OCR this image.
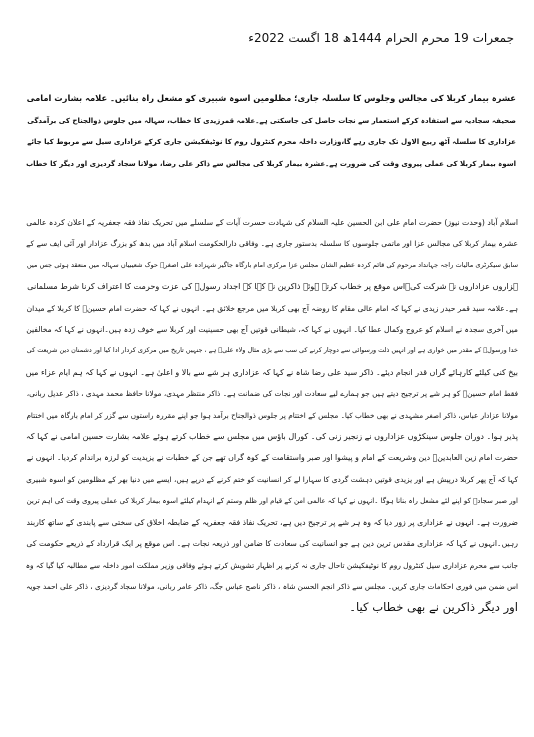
جمعرات 19 محرم الحرام 1444ھ 18 اگست 2022ء
عشرہ بیمار کربلا کی مجالس وجلوس کا سلسلہ جاری؛ مظلومین اسوہ شبیری کو مشعل راہ بنائیں۔ علامہ بشارت امامی
صحیفہ سجادیہ سے استفادہ کرکے استعمار سے نجات حاصل کی جاسکتی ہے۔علامہ قمرزیدی کا خطاب، سہالہ میں جلوس ذوالجناح کی برآمدگی
عزاداری کا سلسلہ آٹھ ربیع الاول تک جاری رہے گا،وزارت داخلہ محرم کنٹرول روم کا نوٹیفکیشن جاری کرکے عزاداری سیل سے مربوط کیا جائے
اسوہ بیمار کربلا کی عملی پیروی وقت کی ضرورت ہے۔عشرہ بیمار کربلا کی مجالس سے ذاکر علی رضا، مولانا سجاد گردیزی اور دیگر کا خطاب
اسلام آباد (وحدت نیوز) حضرت امام علی ابن الحسین علیہ السلام کی شہادت حسرت آیات کے سلسلے میں تحریک نفاذ فقہ جعفریہ کے اعلان کردہ عالمی
عشرہ بیمار کربلا کی مجالس عزا اور ماتمی جلوسوں کا سلسلہ بدستور جاری ہے۔ وفاقی دارالحکومت اسلام آباد میں بدھ کو بزرگ عزادار اور آئی ایف سے کے
سابق سیکرٹری مالیات راجہ جہانداد مرحوم کی قائم کردہ عظیم الشان مجلس عزا مرکزی امام بارگاہ جاگیر شہزادہ علی اصغرؑ حوک شعیبیاں سہالہ میں منعقد ہوئی جس میں
ہزاروں عزاداروں نے شرکت کی۔اس موقع پر خطاب کرتے ہوئے ذاکرین نے کہا کہ اجداد رسولؐ کی عزت وحرمت کا اعتراف کرنا شرط مسلمانی
ہے۔علامہ سید قمر حیدر زیدی نے کہا کہ امام عالی مقام کا روضہ آج بھی کربلا میں مرجع خلائق ہے۔ انہوں نے کہا کہ حضرت امام حسینؑ کا کربلا کے میدان
میں آخری سجدہ نے اسلام کو عروج وکمال عطا کیا۔ انہوں نے کہا کہ، شیطانی قوتیں آج بھی حسینیت اور کربلا سے خوف زدہ ہیں۔انہوں نے کہا کہ مخالفین
خدا ورسولؐ کے مقدر میں خواری ہے اور انہیں ذلت ورسوائی سے دوچار کرنے کی سب سے بڑی مثال ولاء علیؑ ہے ، جنہیں تاریخ میں مرکزی کردار ادا کیا اور دشمنان دین شریعت کی
بیخ کنی کیلئے کارہائے گراں قدر انجام دیئے۔ ذاکر سید علی رضا شاہ نے کہا کہ عزاداری ہر شے سے بالا و اعلیٰ ہے۔ انہوں نے کہا کہ ہم ایام عزاء میں
فقط امام حسینؑ کو ہر شے پر ترجیح دیتے ہیں جو ہمارے لیے سعادت اور نجات کی ضمانت ہے۔ ذاکر منتظر مہدی، مولانا حافظ محمد مہدی ، ذاکر عدیل ربانی،
مولانا عزادار عباس، ذاکر اصغر مشہدی نے بھی خطاب کیا۔ مجلس کے اختتام پر جلوس ذوالجناح برآمد ہوا جو اپنے مقررہ راستوں سے گزر کر امام بارگاہ میں اختتام
پذیر ہوا۔ دوران جلوس سینکڑوں عزاداروں نے زنجیر زنی کی۔ کورال باؤس میں مجلس سے خطاب کرتے ہوئے علامہ بشارت حسین امامی نے کہا کہ
حضرت امام زین العابدینؑ دین وشریعت کے امام و پیشوا اور صبر واستقامت کے کوہ گراں تھے جن کے خطبات نے یزیدیت کو لرزہ براندام کردیا۔ انہوں نے
کہا کہ آج پھر کربلا درپیش ہے اور یزیدی قوتیں دہشت گردی کا سہارا لے کر انسانیت کو ختم کرنے کے درپے ہیں، ایسے میں دنیا بھر کے مظلومین کو اسوہ شبیری
اور صبر سجادؑ کو اپنے لئے مشعل راہ بنانا ہوگا ۔انہوں نے کہا کہ عالمی امن کے قیام اور ظلم وستم کے انہدام کیلئے اسوہ بیمار کربلا کی عملی پیروی وقت کی اہم ترین
ضرورت ہے۔ انہوں نے عزاداری پر زور دیا کہ وہ ہر شے پر ترجیح دیں ہے، تحریک نفاذ فقہ جعفریہ کے ضابطہ اخلاق کی سختی سے پابندی کے ساتھ کاربند
رہیں۔انہوں نے کہا کہ عزاداری مقدس ترین دین ہے جو انسانیت کی سعادت کا ضامن اور ذریعہ نجات ہے۔ اس موقع پر ایک قرارداد کے ذریعے حکومت کی
جانب سے محرم عزاداری سیل کنٹرول روم کا نوٹیفکیشن تاحال جاری نہ کرنے پر اظہار تشویش کرتے ہوئے وفاقی وزیر مملکت امور داخلہ سے مطالبہ کیا گیا کہ وہ
اس ضمن میں فوری احکامات جاری کریں۔ مجلس سے ذاکر انجم الحسن شاہ ، ذاکر ناصح عباس جگ، ذاکر عامر ربانی، مولانا سجاد گردیزی ، ذاکر علی احمد جویہ
اور دیگر ذاکرین نے بھی خطاب کیا۔
